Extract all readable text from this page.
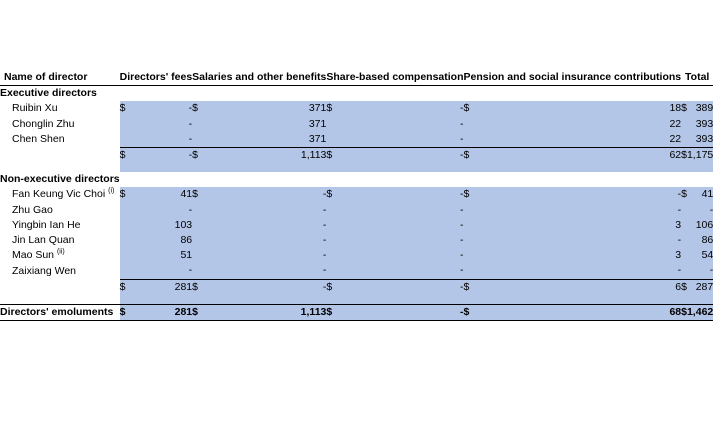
Name of director	Directors' fees		Salaries and other benefits		Share-based compensation		Pension and social insurance contributions		Total	
Executive directors														
Ruibin Xu	$	-		$	371		$	-		$	18		$	389
Chonglin Zhu		-			371			-			22			393
Chen Shen		-			371			-			22			393
	$	-		$	1,113		$	-		$	62		$	1,175

Non-executive directors														
Fan Keung Vic Choi $^{(i)}$	$	41		$	-		$	-		$	-		$	41
Zhu Gao		-			-			-			-			-
Yingbin Ian He		103			-			-			3			106
Jin Lan Quan		86			-			-			-			86
Mao Sun $^{(ii)}$		51			-			-			3			54
Zaixiang Wen		-			-			-			-			-
	$	281		$	-		$	-		$	6		$	287

Directors' emoluments	$	281		$	1,113		$	-		$	68		$	1,462
